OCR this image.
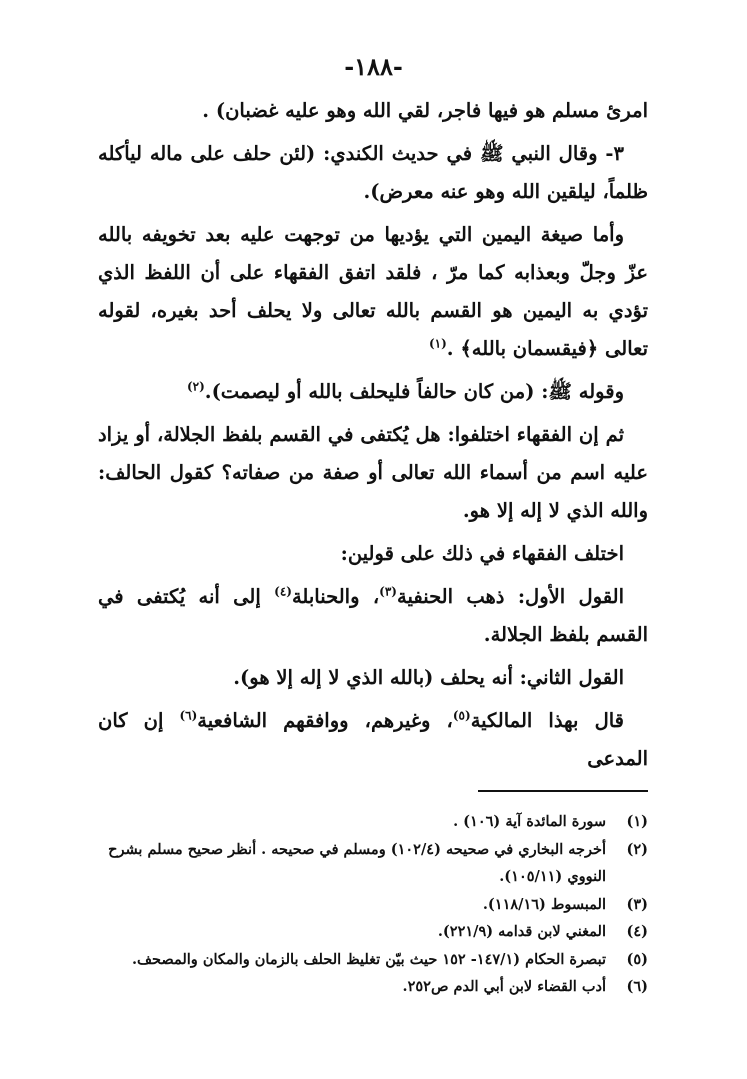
-١٨٨-

امرئ مسلم هو فيها فاجر، لقي الله وهو عليه غضبان) .

٣- وقال النبي ﷺ في حديث الكندي: (لئن حلف على ماله ليأكله ظلماً، ليلقين الله وهو عنه معرض).

وأما صيغة اليمين التي يؤديها من توجهت عليه بعد تخويفه بالله عزّ وجلّ وبعذابه كما مرّ ، فلقد اتفق الفقهاء على أن اللفظ الذي تؤدي به اليمين هو القسم بالله تعالى ولا يحلف أحد بغيره، لقوله تعالى ﴿فيقسمان بالله﴾ .$^{(١)}$

وقوله ﷺ: (من كان حالفاً فليحلف بالله أو ليصمت).$^{(٢)}$

ثم إن الفقهاء اختلفوا: هل يُكتفى في القسم بلفظ الجلالة، أو يزاد عليه اسم من أسماء الله تعالى أو صفة من صفاته؟ كقول الحالف: والله الذي لا إله إلا هو.

اختلف الفقهاء في ذلك على قولين:

القول الأول: ذهب الحنفية$^{(٣)}$، والحنابلة$^{(٤)}$ إلى أنه يُكتفى في القسم بلفظ الجلالة.

القول الثاني: أنه يحلف (بالله الذي لا إله إلا هو).

قال بهذا المالكية$^{(٥)}$، وغيرهم، ووافقهم الشافعية$^{(٦)}$ إن كان المدعى

(١)
سورة المائدة آية (١٠٦) .
(٢)
أخرجه البخاري في صحيحه (١٠٢/٤) ومسلم في صحيحه . أنظر صحيح مسلم بشرح النووي (١٠٥/١١).
(٣)
المبسوط (١١٨/١٦).
(٤)
المغني لابن قدامه (٢٢١/٩).
(٥)
تبصرة الحكام (١٤٧/١- ١٥٢ حيث بيّن تغليظ الحلف بالزمان والمكان والمصحف.
(٦)
أدب القضاء لابن أبي الدم ص٢٥٢.
